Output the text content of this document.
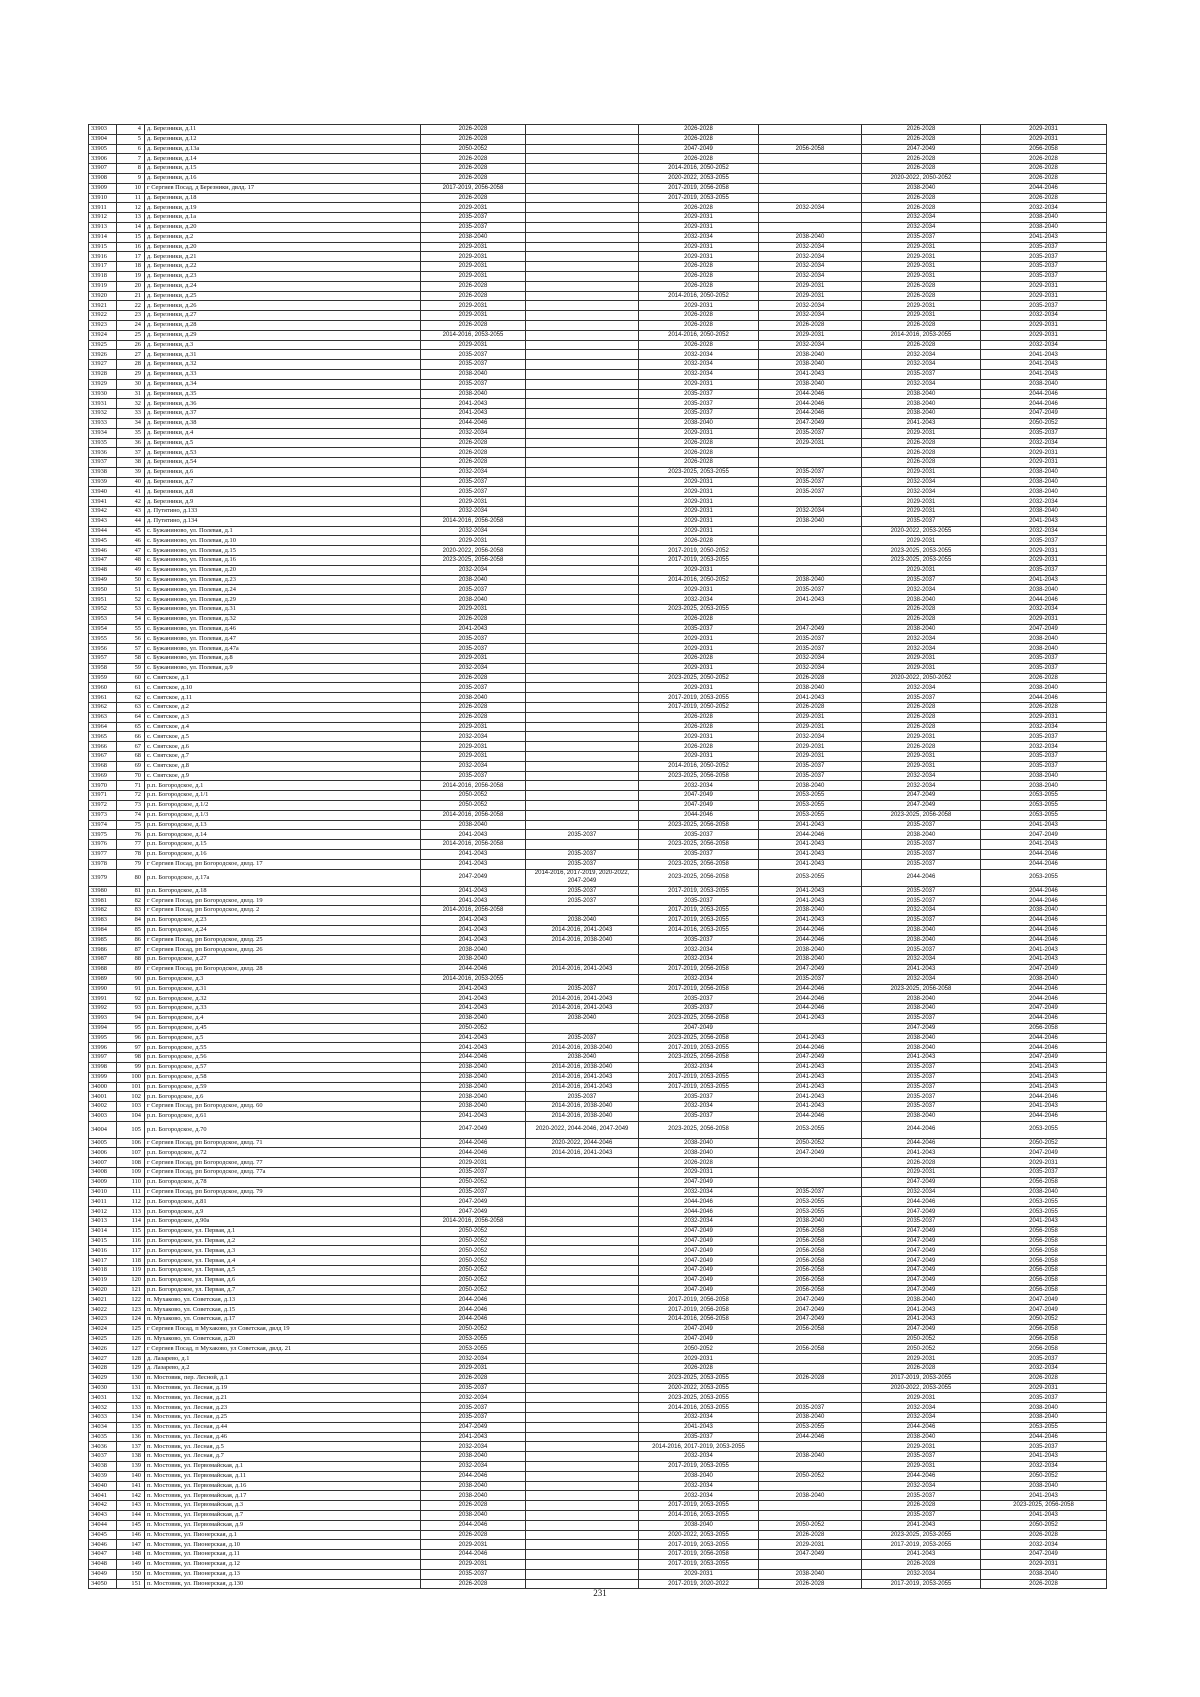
33903	4	д. Березники, д.11	2026-2028		2026-2028		2026-2028	2029-2031
33904	5	д. Березники, д.12	2026-2028		2026-2028		2026-2028	2029-2031
33905	6	д. Березники, д.13а	2050-2052		2047-2049	2056-2058	2047-2049	2056-2058
33906	7	д. Березники, д.14	2026-2028		2026-2028		2026-2028	2026-2028
33907	8	д. Березники, д.15	2026-2028		2014-2016, 2050-2052		2026-2028	2026-2028
33908	9	д. Березники, д.16	2026-2028		2020-2022, 2053-2055		2020-2022, 2050-2052	2026-2028
33909	10	г Сергиев Посад, д Березники, двлд. 17	2017-2019, 2056-2058		2017-2019, 2056-2058		2038-2040	2044-2046
33910	11	д. Березники, д.18	2026-2028		2017-2019, 2053-2055		2026-2028	2026-2028
33911	12	д. Березники, д.19	2029-2031		2026-2028	2032-2034	2026-2028	2032-2034
33912	13	д. Березники, д.1а	2035-2037		2029-2031		2032-2034	2038-2040
33913	14	д. Березники, д.20	2035-2037		2029-2031		2032-2034	2038-2040
33914	15	д. Березники, д.2	2038-2040		2032-2034	2038-2040	2035-2037	2041-2043
33915	16	д. Березники, д.20	2029-2031		2029-2031	2032-2034	2029-2031	2035-2037
33916	17	д. Березники, д.21	2029-2031		2029-2031	2032-2034	2029-2031	2035-2037
33917	18	д. Березники, д.22	2029-2031		2026-2028	2032-2034	2029-2031	2035-2037
33918	19	д. Березники, д.23	2029-2031		2026-2028	2032-2034	2029-2031	2035-2037
33919	20	д. Березники, д.24	2026-2028		2026-2028	2029-2031	2026-2028	2029-2031
33920	21	д. Березники, д.25	2026-2028		2014-2016, 2050-2052	2029-2031	2026-2028	2029-2031
33921	22	д. Березники, д.26	2029-2031		2029-2031	2032-2034	2029-2031	2035-2037
33922	23	д. Березники, д.27	2029-2031		2026-2028	2032-2034	2029-2031	2032-2034
33923	24	д. Березники, д.28	2026-2028		2026-2028	2026-2028	2026-2028	2029-2031
33924	25	д. Березники, д.29	2014-2016, 2053-2055		2014-2016, 2050-2052	2029-2031	2014-2016, 2053-2055	2029-2031
33925	26	д. Березники, д.3	2029-2031		2026-2028	2032-2034	2026-2028	2032-2034
33926	27	д. Березники, д.31	2035-2037		2032-2034	2038-2040	2032-2034	2041-2043
33927	28	д. Березники, д.32	2035-2037		2032-2034	2038-2040	2032-2034	2041-2043
33928	29	д. Березники, д.33	2038-2040		2032-2034	2041-2043	2035-2037	2041-2043
33929	30	д. Березники, д.34	2035-2037		2029-2031	2038-2040	2032-2034	2038-2040
33930	31	д. Березники, д.35	2038-2040		2035-2037	2044-2046	2038-2040	2044-2046
33931	32	д. Березники, д.36	2041-2043		2035-2037	2044-2046	2038-2040	2044-2046
33932	33	д. Березники, д.37	2041-2043		2035-2037	2044-2046	2038-2040	2047-2049
33933	34	д. Березники, д.38	2044-2046		2038-2040	2047-2049	2041-2043	2050-2052
33934	35	д. Березники, д.4	2032-2034		2029-2031	2035-2037	2029-2031	2035-2037
33935	36	д. Березники, д.5	2026-2028		2026-2028	2029-2031	2026-2028	2032-2034
33936	37	д. Березники, д.53	2026-2028		2026-2028		2026-2028	2029-2031
33937	38	д. Березники, д.54	2026-2028		2026-2028		2026-2028	2029-2031
33938	39	д. Березники, д.6	2032-2034		2023-2025, 2053-2055	2035-2037	2029-2031	2038-2040
33939	40	д. Березники, д.7	2035-2037		2029-2031	2035-2037	2032-2034	2038-2040
33940	41	д. Березники, д.8	2035-2037		2029-2031	2035-2037	2032-2034	2038-2040
33941	42	д. Березники, д.9	2029-2031		2029-2031		2029-2031	2032-2034
33942	43	д. Путятино, д.133	2032-2034		2029-2031	2032-2034	2029-2031	2038-2040
33943	44	д. Путятино, д.134	2014-2016, 2056-2058		2029-2031	2038-2040	2035-2037	2041-2043
33944	45	с. Бужаниново, ул. Полевая, д.1	2032-2034		2029-2031		2020-2022, 2053-2055	2032-2034
33945	46	с. Бужаниново, ул. Полевая, д.10	2029-2031		2026-2028		2029-2031	2035-2037
33946	47	с. Бужаниново, ул. Полевая, д.15	2020-2022, 2056-2058		2017-2019, 2050-2052		2023-2025, 2053-2055	2029-2031
33947	48	с. Бужаниново, ул. Полевая, д.16	2023-2025, 2056-2058		2017-2019, 2053-2055		2023-2025, 2053-2055	2029-2031
33948	49	с. Бужаниново, ул. Полевая, д.20	2032-2034		2029-2031		2029-2031	2035-2037
33949	50	с. Бужаниново, ул. Полевая, д.23	2038-2040		2014-2016, 2050-2052	2038-2040	2035-2037	2041-2043
33950	51	с. Бужаниново, ул. Полевая, д.24	2035-2037		2029-2031	2035-2037	2032-2034	2038-2040
33951	52	с. Бужаниново, ул. Полевая, д.29	2038-2040		2032-2034	2041-2043	2038-2040	2044-2046
33952	53	с. Бужаниново, ул. Полевая, д.31	2029-2031		2023-2025, 2053-2055		2026-2028	2032-2034
33953	54	с. Бужаниново, ул. Полевая, д.32	2026-2028		2026-2028		2026-2028	2029-2031
33954	55	с. Бужаниново, ул. Полевая, д.46	2041-2043		2035-2037	2047-2049	2038-2040	2047-2049
33955	56	с. Бужаниново, ул. Полевая, д.47	2035-2037		2029-2031	2035-2037	2032-2034	2038-2040
33956	57	с. Бужаниново, ул. Полевая, д.47а	2035-2037		2029-2031	2035-2037	2032-2034	2038-2040
33957	58	с. Бужаниново, ул. Полевая, д.8	2029-2031		2026-2028	2032-2034	2029-2031	2035-2037
33958	59	с. Бужаниново, ул. Полевая, д.9	2032-2034		2029-2031	2032-2034	2029-2031	2035-2037
33959	60	с. Святское, д.1	2026-2028		2023-2025, 2050-2052	2026-2028	2020-2022, 2050-2052	2026-2028
33960	61	с. Святское, д.10	2035-2037		2029-2031	2038-2040	2032-2034	2038-2040
33961	62	с. Святское, д.11	2038-2040		2017-2019, 2053-2055	2041-2043	2035-2037	2044-2046
33962	63	с. Святское, д.2	2026-2028		2017-2019, 2050-2052	2026-2028	2026-2028	2026-2028
33963	64	с. Святское, д.3	2026-2028		2026-2028	2029-2031	2026-2028	2029-2031
33964	65	с. Святское, д.4	2029-2031		2026-2028	2029-2031	2026-2028	2032-2034
33965	66	с. Святское, д.5	2032-2034		2029-2031	2032-2034	2029-2031	2035-2037
33966	67	с. Святское, д.6	2029-2031		2026-2028	2029-2031	2026-2028	2032-2034
33967	68	с. Святское, д.7	2029-2031		2029-2031	2029-2031	2029-2031	2035-2037
33968	69	с. Святское, д.8	2032-2034		2014-2016, 2050-2052	2035-2037	2029-2031	2035-2037
33969	70	с. Святское, д.9	2035-2037		2023-2025, 2056-2058	2035-2037	2032-2034	2038-2040
33970	71	р.п. Богородское, д.1	2014-2016, 2056-2058		2032-2034	2038-2040	2032-2034	2038-2040
33971	72	р.п. Богородское, д.1/1	2050-2052		2047-2049	2053-2055	2047-2049	2053-2055
33972	73	р.п. Богородское, д.1/2	2050-2052		2047-2049	2053-2055	2047-2049	2053-2055
33973	74	р.п. Богородское, д.1/3	2014-2016, 2056-2058		2044-2046	2053-2055	2023-2025, 2056-2058	2053-2055
33974	75	р.п. Богородское, д.13	2038-2040		2023-2025, 2056-2058	2041-2043	2035-2037	2041-2043
33975	76	р.п. Богородское, д.14	2041-2043	2035-2037	2035-2037	2044-2046	2038-2040	2047-2049
33976	77	р.п. Богородское, д.15	2014-2016, 2056-2058		2023-2025, 2056-2058	2041-2043	2035-2037	2041-2043
33977	78	р.п. Богородское, д.16	2041-2043	2035-2037	2035-2037	2041-2043	2035-2037	2044-2046
33978	79	г Сергиев Посад, рп Богородское, двлд. 17	2041-2043	2035-2037	2023-2025, 2056-2058	2041-2043	2035-2037	2044-2046
33979	80	р.п. Богородское, д.17а	2047-2049	2014-2016, 2017-2019, 2020-2022, 2047-2049	2023-2025, 2056-2058	2053-2055	2044-2046	2053-2055
33980	81	р.п. Богородское, д.18	2041-2043	2035-2037	2017-2019, 2053-2055	2041-2043	2035-2037	2044-2046
33981	82	г Сергиев Посад, рп Богородское, двлд. 19	2041-2043	2035-2037	2035-2037	2041-2043	2035-2037	2044-2046
33982	83	г Сергиев Посад, рп Богородское, двлд. 2	2014-2016, 2056-2058		2017-2019, 2053-2055	2038-2040	2032-2034	2038-2040
33983	84	р.п. Богородское, д.23	2041-2043	2038-2040	2017-2019, 2053-2055	2041-2043	2035-2037	2044-2046
33984	85	р.п. Богородское, д.24	2041-2043	2014-2016, 2041-2043	2014-2016, 2053-2055	2044-2046	2038-2040	2044-2046
33985	86	г Сергиев Посад, рп Богородское, двлд. 25	2041-2043	2014-2016, 2038-2040	2035-2037	2044-2046	2038-2040	2044-2046
33986	87	г Сергиев Посад, рп Богородское, двлд. 26	2038-2040		2032-2034	2038-2040	2035-2037	2041-2043
33987	88	р.п. Богородское, д.27	2038-2040		2032-2034	2038-2040	2032-2034	2041-2043
33988	89	г Сергиев Посад, рп Богородское, двлд. 28	2044-2046	2014-2016, 2041-2043	2017-2019, 2056-2058	2047-2049	2041-2043	2047-2049
33989	90	р.п. Богородское, д.3	2014-2016, 2053-2055		2032-2034	2035-2037	2032-2034	2038-2040
33990	91	р.п. Богородское, д.31	2041-2043	2035-2037	2017-2019, 2056-2058	2044-2046	2023-2025, 2056-2058	2044-2046
33991	92	р.п. Богородское, д.32	2041-2043	2014-2016, 2041-2043	2035-2037	2044-2046	2038-2040	2044-2046
33992	93	р.п. Богородское, д.33	2041-2043	2014-2016, 2041-2043	2035-2037	2044-2046	2038-2040	2047-2049
33993	94	р.п. Богородское, д.4	2038-2040	2038-2040	2023-2025, 2056-2058	2041-2043	2035-2037	2044-2046
33994	95	р.п. Богородское, д.45	2050-2052		2047-2049		2047-2049	2056-2058
33995	96	р.п. Богородское, д.5	2041-2043	2035-2037	2023-2025, 2056-2058	2041-2043	2038-2040	2044-2046
33996	97	р.п. Богородское, д.55	2041-2043	2014-2016, 2038-2040	2017-2019, 2053-2055	2044-2046	2038-2040	2044-2046
33997	98	р.п. Богородское, д.56	2044-2046	2038-2040	2023-2025, 2056-2058	2047-2049	2041-2043	2047-2049
33998	99	р.п. Богородское, д.57	2038-2040	2014-2016, 2038-2040	2032-2034	2041-2043	2035-2037	2041-2043
33999	100	р.п. Богородское, д.58	2038-2040	2014-2016, 2041-2043	2017-2019, 2053-2055	2041-2043	2035-2037	2041-2043
34000	101	р.п. Богородское, д.59	2038-2040	2014-2016, 2041-2043	2017-2019, 2053-2055	2041-2043	2035-2037	2041-2043
34001	102	р.п. Богородское, д.6	2038-2040	2035-2037	2035-2037	2041-2043	2035-2037	2044-2046
34002	103	г Сергиев Посад, рп Богородское, двлд. 60	2038-2040	2014-2016, 2038-2040	2032-2034	2041-2043	2035-2037	2041-2043
34003	104	р.п. Богородское, д.61	2041-2043	2014-2016, 2038-2040	2035-2037	2044-2046	2038-2040	2044-2046
34004	105	р.п. Богородское, д.70	2047-2049	2020-2022, 2044-2046, 2047-2049	2023-2025, 2056-2058	2053-2055	2044-2046	2053-2055
34005	106	г Сергиев Посад, рп Богородское, двлд. 71	2044-2046	2020-2022, 2044-2046	2038-2040	2050-2052	2044-2046	2050-2052
34006	107	р.п. Богородское, д.72	2044-2046	2014-2016, 2041-2043	2038-2040	2047-2049	2041-2043	2047-2049
34007	108	г Сергиев Посад, рп Богородское, двлд. 77	2029-2031		2026-2028		2026-2028	2029-2031
34008	109	г Сергиев Посад, рп Богородское, двлд. 77а	2035-2037		2029-2031		2029-2031	2035-2037
34009	110	р.п. Богородское, д.78	2050-2052		2047-2049		2047-2049	2056-2058
34010	111	г Сергиев Посад, рп Богородское, двлд. 79	2035-2037		2032-2034	2035-2037	2032-2034	2038-2040
34011	112	р.п. Богородское, д.81	2047-2049		2044-2046	2053-2055	2044-2046	2053-2055
34012	113	р.п. Богородское, д.9	2047-2049		2044-2046	2053-2055	2047-2049	2053-2055
34013	114	р.п. Богородское, д.90а	2014-2016, 2056-2058		2032-2034	2038-2040	2035-2037	2041-2043
34014	115	р.п. Богородское, ул. Первая, д.1	2050-2052		2047-2049	2056-2058	2047-2049	2056-2058
34015	116	р.п. Богородское, ул. Первая, д.2	2050-2052		2047-2049	2056-2058	2047-2049	2056-2058
34016	117	р.п. Богородское, ул. Первая, д.3	2050-2052		2047-2049	2056-2058	2047-2049	2056-2058
34017	118	р.п. Богородское, ул. Первая, д.4	2050-2052		2047-2049	2056-2058	2047-2049	2056-2058
34018	119	р.п. Богородское, ул. Первая, д.5	2050-2052		2047-2049	2056-2058	2047-2049	2056-2058
34019	120	р.п. Богородское, ул. Первая, д.6	2050-2052		2047-2049	2056-2058	2047-2049	2056-2058
34020	121	р.п. Богородское, ул. Первая, д.7	2050-2052		2047-2049	2056-2058	2047-2049	2056-2058
34021	122	п. Мухаково, ул. Советская, д.13	2044-2046		2017-2019, 2056-2058	2047-2049	2038-2040	2047-2049
34022	123	п. Мухаково, ул. Советская, д.15	2044-2046		2017-2019, 2056-2058	2047-2049	2041-2043	2047-2049
34023	124	п. Мухаково, ул. Советская, д.17	2044-2046		2014-2016, 2056-2058	2047-2049	2041-2043	2050-2052
34024	125	г Сергиев Посад, п Мухаково, ул Советская, двлд 19	2050-2052		2047-2049	2056-2058	2047-2049	2056-2058
34025	126	п. Мухаково, ул. Советская, д.20	2053-2055		2047-2049		2050-2052	2056-2058
34026	127	г Сергиев Посад, п Мухаково, ул Советская, двлд. 21	2053-2055		2050-2052	2056-2058	2050-2052	2056-2058
34027	128	д. Лазарево, д.1	2032-2034		2029-2031		2029-2031	2035-2037
34028	129	д. Лазарево, д.2	2029-2031		2026-2028		2026-2028	2032-2034
34029	130	п. Мостовик, пер. Лесной, д.1	2026-2028		2023-2025, 2053-2055	2026-2028	2017-2019, 2053-2055	2026-2028
34030	131	п. Мостовик, ул. Лесная, д.19	2035-2037		2020-2022, 2053-2055		2020-2022, 2053-2055	2029-2031
34031	132	п. Мостовик, ул. Лесная, д.21	2032-2034		2023-2025, 2053-2055		2029-2031	2035-2037
34032	133	п. Мостовик, ул. Лесная, д.23	2035-2037		2014-2016, 2053-2055	2035-2037	2032-2034	2038-2040
34033	134	п. Мостовик, ул. Лесная, д.25	2035-2037		2032-2034	2038-2040	2032-2034	2038-2040
34034	135	п. Мостовик, ул. Лесная, д.44	2047-2049		2041-2043	2053-2055	2044-2046	2053-2055
34035	136	п. Мостовик, ул. Лесная, д.46	2041-2043		2035-2037	2044-2046	2038-2040	2044-2046
34036	137	п. Мостовик, ул. Лесная, д.5	2032-2034		2014-2016, 2017-2019, 2053-2055		2029-2031	2035-2037
34037	138	п. Мостовик, ул. Лесная, д.7	2038-2040		2032-2034	2038-2040	2035-2037	2041-2043
34038	139	п. Мостовик, ул. Первомайская, д.1	2032-2034		2017-2019, 2053-2055		2029-2031	2032-2034
34039	140	п. Мостовик, ул. Первомайская, д.11	2044-2046		2038-2040	2050-2052	2044-2046	2050-2052
34040	141	п. Мостовик, ул. Первомайская, д.16	2038-2040		2032-2034		2032-2034	2038-2040
34041	142	п. Мостовик, ул. Первомайская, д.17	2038-2040		2032-2034	2038-2040	2035-2037	2041-2043
34042	143	п. Мостовик, ул. Первомайская, д.3	2026-2028		2017-2019, 2053-2055		2026-2028	2023-2025, 2056-2058
34043	144	п. Мостовик, ул. Первомайская, д.7	2038-2040		2014-2016, 2053-2055		2035-2037	2041-2043
34044	145	п. Мостовик, ул. Первомайская, д.9	2044-2046		2038-2040	2050-2052	2041-2043	2050-2052
34045	146	п. Мостовик, ул. Пионерская, д.1	2026-2028		2020-2022, 2053-2055	2026-2028	2023-2025, 2053-2055	2026-2028
34046	147	п. Мостовик, ул. Пионерская, д.10	2029-2031		2017-2019, 2053-2055	2029-2031	2017-2019, 2053-2055	2032-2034
34047	148	п. Мостовик, ул. Пионерская, д.11	2044-2046		2017-2019, 2056-2058	2047-2049	2041-2043	2047-2049
34048	149	п. Мостовик, ул. Пионерская, д.12	2029-2031		2017-2019, 2053-2055		2026-2028	2029-2031
34049	150	п. Мостовик, ул. Пионерская, д.13	2035-2037		2029-2031	2038-2040	2032-2034	2038-2040
34050	151	п. Мостовик, ул. Пионерская, д.130	2026-2028		2017-2019, 2020-2022	2026-2028	2017-2019, 2053-2055	2026-2028
231
